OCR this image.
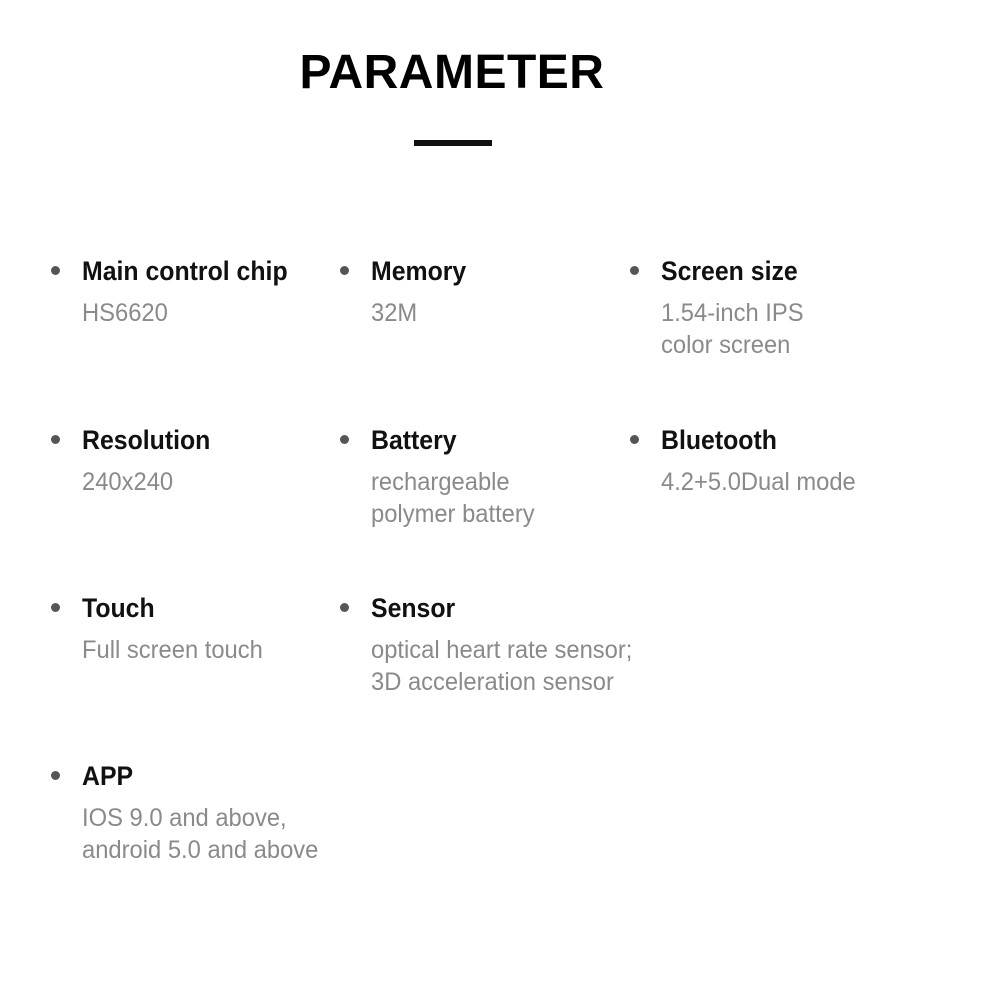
PARAMETER
Main control chip
HS6620
Memory
32M
Screen size
1.54-inch IPS
color screen
Resolution
240x240
Battery
rechargeable
polymer battery
Bluetooth
4.2+5.0Dual mode
Touch
Full screen touch
Sensor
optical heart rate sensor;
3D acceleration sensor
APP
IOS 9.0 and above,
android 5.0 and above
